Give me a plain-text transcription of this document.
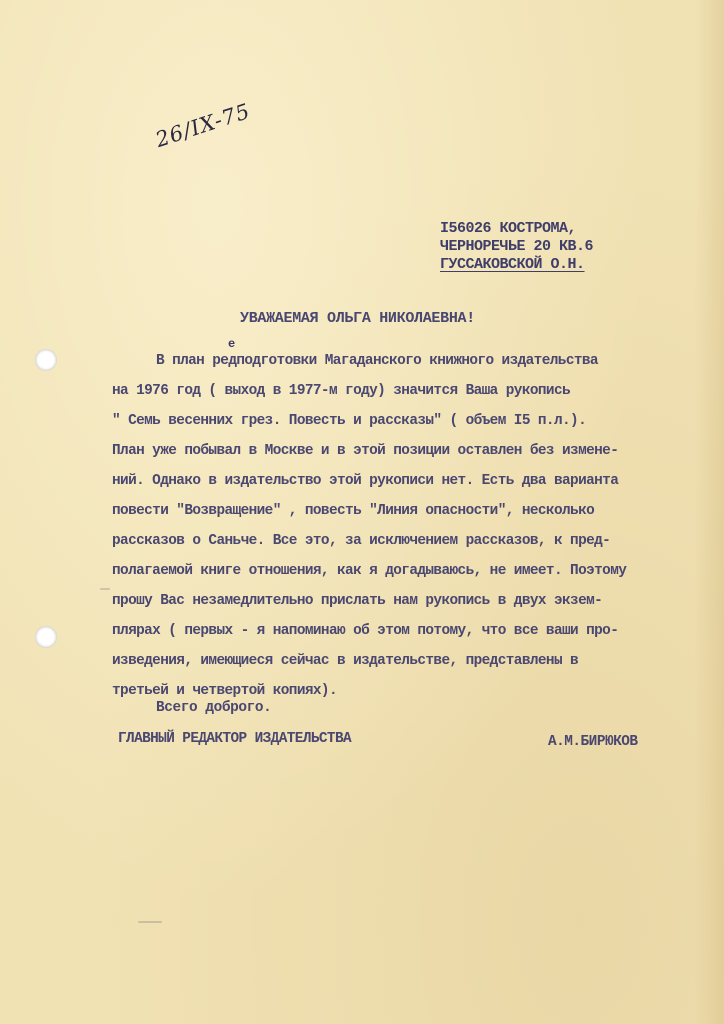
26/IX-75
I56026 КОСТРОМА,
ЧЕРНОРЕЧЬЕ 20 КВ.6
ГУССАКОВСКОЙ О.Н.
УВАЖАЕМАЯ ОЛЬГА НИКОЛАЕВНА!
е
В план редподготовки Магаданского книжного издательства
на 1976 год ( выход в 1977-м году) значится Ваша рукопись
" Семь весенних грез. Повесть и рассказы" ( объем I5 п.л.).
План уже побывал в Москве и в этой позиции оставлен без измене-
ний. Однако в издательство этой рукописи нет. Есть два варианта
повести "Возвращение" , повесть "Линия опасности", несколько
рассказов о Саньче. Все это, за исключением рассказов, к пред-
полагаемой книге отношения, как я догадываюсь, не имеет. Поэтому
прошу Вас незамедлительно прислать нам рукопись в двух экзем-
плярах ( первых - я напоминаю об этом потому, что все ваши про-
изведения, имеющиеся сейчас в издательстве, представлены в
третьей и четвертой копиях).
Всего доброго.
ГЛАВНЫЙ РЕДАКТОР ИЗДАТЕЛЬСТВА	А.М.БИРЮКОВ
